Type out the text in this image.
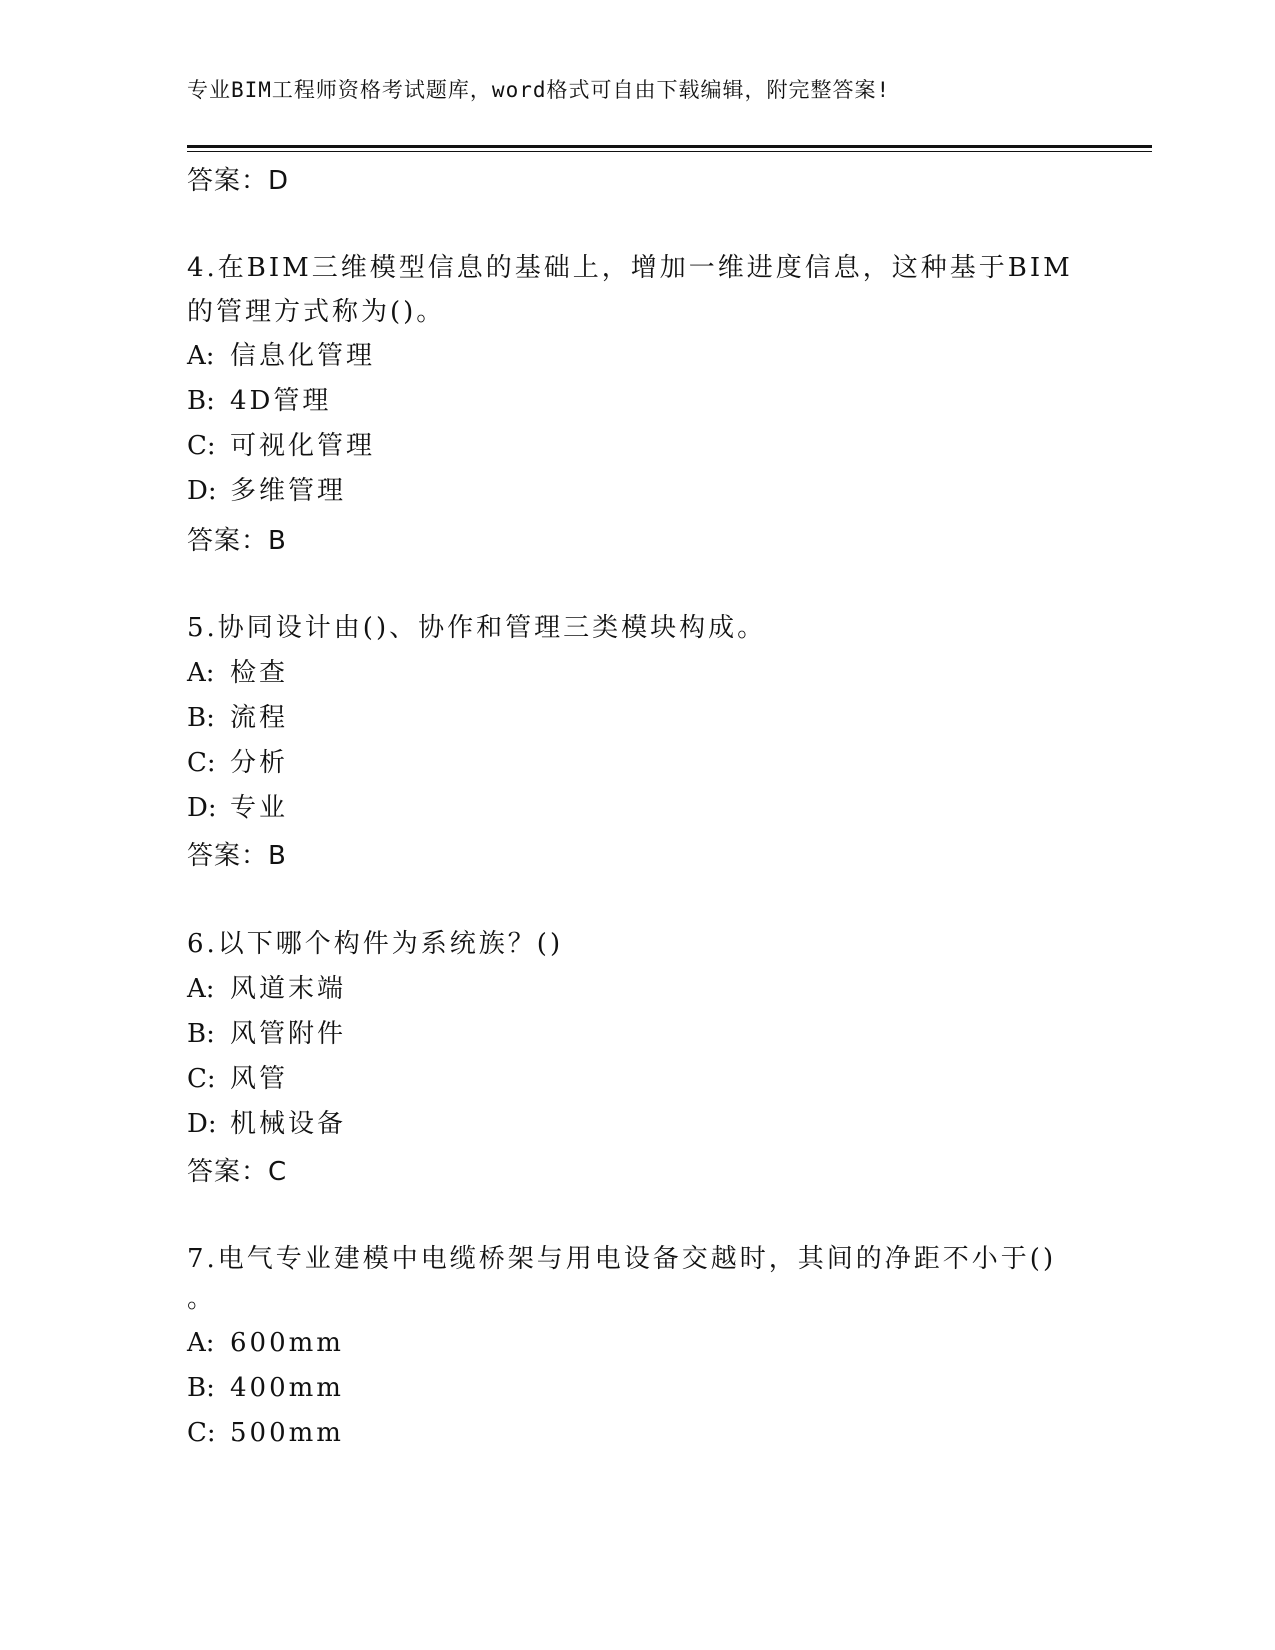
专业BIM工程师资格考试题库，word格式可自由下载编辑，附完整答案!
答案：D
4.在BIM三维模型信息的基础上，增加一维进度信息，这种基于BIM
的管理方式称为()。
A: 信息化管理
B: 4D管理
C: 可视化管理
D: 多维管理
答案：B
5.协同设计由()、协作和管理三类模块构成。
A: 检查
B: 流程
C: 分析
D: 专业
答案：B
6.以下哪个构件为系统族？()
A: 风道末端
B: 风管附件
C: 风管
D: 机械设备
答案：C
7.电气专业建模中电缆桥架与用电设备交越时，其间的净距不小于()
。
A: 600mm
B: 400mm
C: 500mm
